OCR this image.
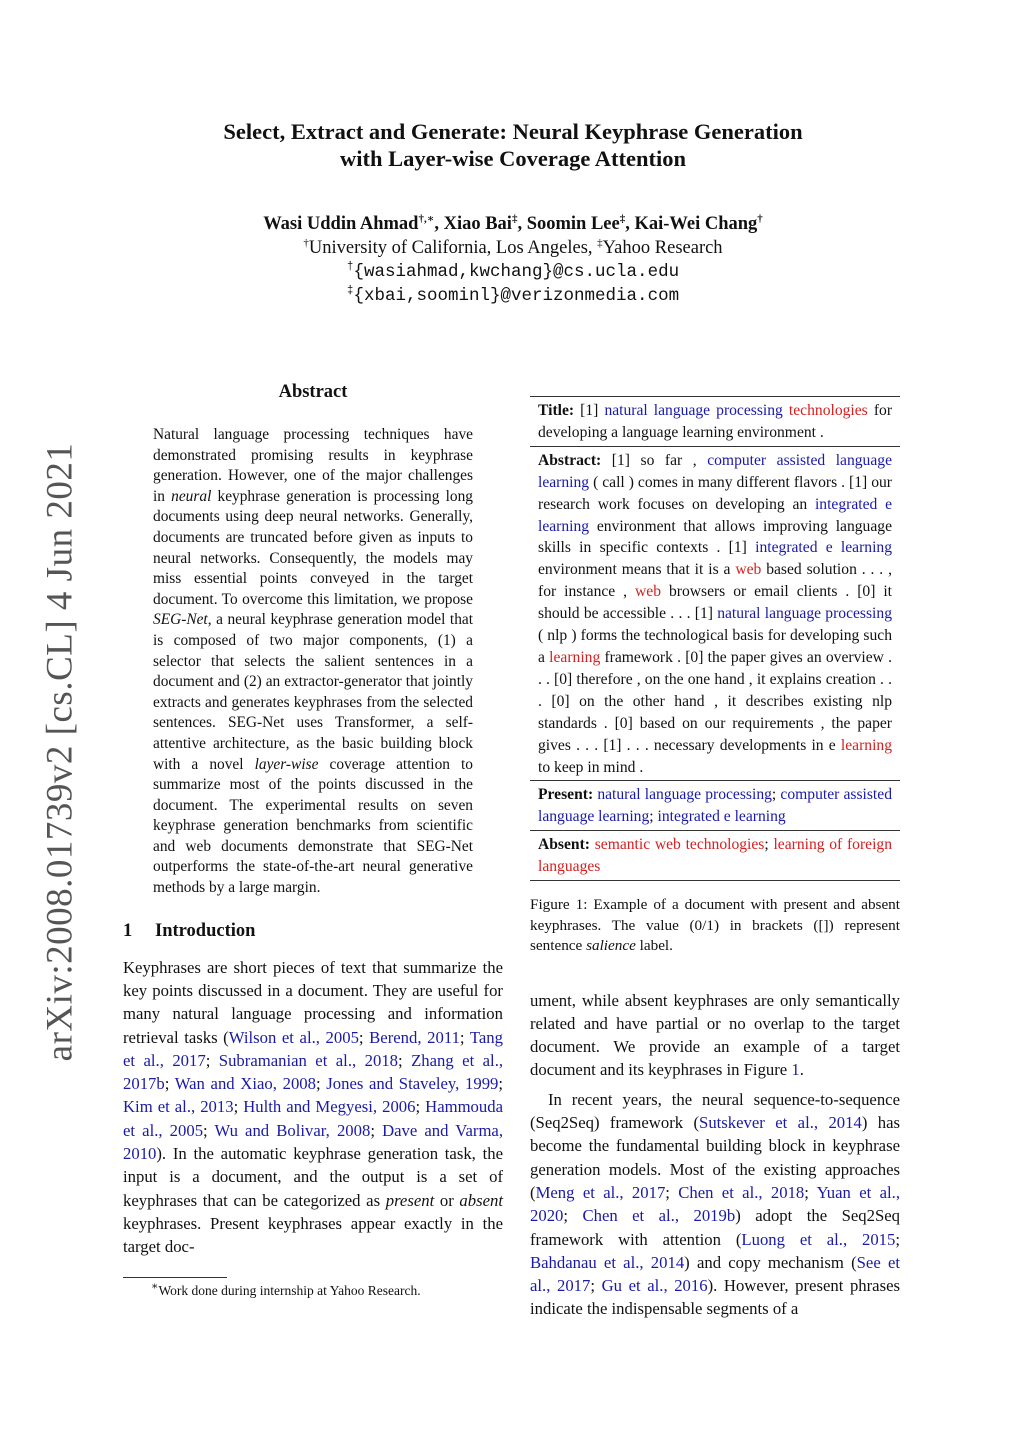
arXiv:2008.01739v2 [cs.CL] 4 Jun 2021
Select, Extract and Generate: Neural Keyphrase Generation
with Layer-wise Coverage Attention
Wasi Uddin Ahmad†,∗, Xiao Bai‡, Soomin Lee‡, Kai-Wei Chang†
†University of California, Los Angeles, ‡Yahoo Research
†{wasiahmad,kwchang}@cs.ucla.edu
‡{xbai,soominl}@verizonmedia.com
Abstract
Natural language processing techniques have demonstrated promising results in keyphrase generation. However, one of the major challenges in neural keyphrase generation is processing long documents using deep neural networks. Generally, documents are truncated before given as inputs to neural networks. Consequently, the models may miss essential points conveyed in the target document. To overcome this limitation, we propose SEG-Net, a neural keyphrase generation model that is composed of two major components, (1) a selector that selects the salient sentences in a document and (2) an extractor-generator that jointly extracts and generates keyphrases from the selected sentences. SEG-Net uses Transformer, a self-attentive architecture, as the basic building block with a novel layer-wise coverage attention to summarize most of the points discussed in the document. The experimental results on seven keyphrase generation benchmarks from scientific and web documents demonstrate that SEG-Net outperforms the state-of-the-art neural generative methods by a large margin.
1 Introduction
Keyphrases are short pieces of text that summarize the key points discussed in a document. They are useful for many natural language processing and information retrieval tasks (Wilson et al., 2005; Berend, 2011; Tang et al., 2017; Subramanian et al., 2018; Zhang et al., 2017b; Wan and Xiao, 2008; Jones and Staveley, 1999; Kim et al., 2013; Hulth and Megyesi, 2006; Hammouda et al., 2005; Wu and Bolivar, 2008; Dave and Varma, 2010). In the automatic keyphrase generation task, the input is a document, and the output is a set of keyphrases that can be categorized as present or absent keyphrases. Present keyphrases appear exactly in the target doc-
∗Work done during internship at Yahoo Research.
Title: [1] natural language processing technologies for developing a language learning environment .
Abstract: [1] so far , computer assisted language learning ( call ) comes in many different flavors . [1] our research work focuses on developing an integrated e learning environment that allows improving language skills in specific contexts . [1] integrated e learning environment means that it is a web based solution . . . , for instance , web browsers or email clients . [0] it should be accessible . . . [1] natural language processing ( nlp ) forms the technological basis for developing such a learning framework . [0] the paper gives an overview . . . [0] therefore , on the one hand , it explains creation . . . [0] on the other hand , it describes existing nlp standards . [0] based on our requirements , the paper gives . . . [1] . . . necessary developments in e learning to keep in mind .
Present: natural language processing; computer assisted language learning; integrated e learning
Absent: semantic web technologies; learning of foreign languages
Figure 1: Example of a document with present and absent keyphrases. The value (0/1) in brackets ([]) represent sentence salience label.

ument, while absent keyphrases are only semantically related and have partial or no overlap to the target document. We provide an example of a target document and its keyphrases in Figure 1.

In recent years, the neural sequence-to-sequence (Seq2Seq) framework (Sutskever et al., 2014) has become the fundamental building block in keyphrase generation models. Most of the existing approaches (Meng et al., 2017; Chen et al., 2018; Yuan et al., 2020; Chen et al., 2019b) adopt the Seq2Seq framework with attention (Luong et al., 2015; Bahdanau et al., 2014) and copy mechanism (See et al., 2017; Gu et al., 2016). However, present phrases indicate the indispensable segments of a
